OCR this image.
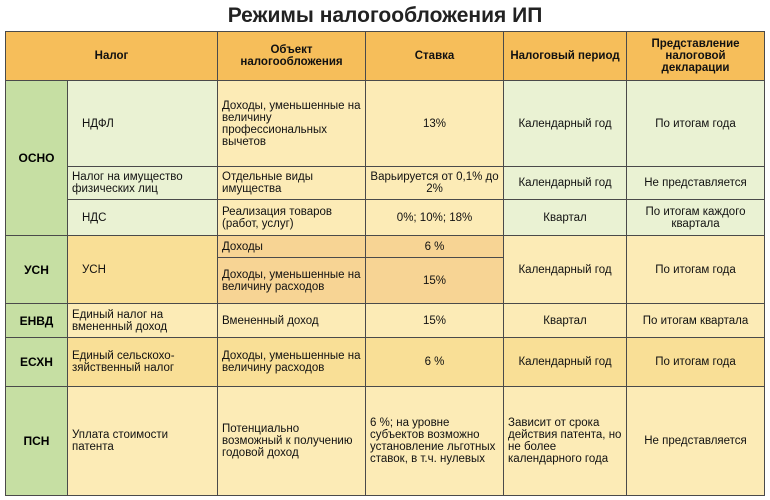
Режимы налогообложения ИП
Налог		Объект налогообложения	Ставка	Налоговый период	Представление налоговой декларации
ОСНО	НДФЛ	Доходы, уменьшенные на величину профессиональных вычетов	13%	Календарный год	По итогам года
	Налог на имущество физических лиц	Отдельные виды имущества	Варьируется от 0,1% до 2%	Календарный год	Не представляется
	НДС	Реализация товаров (работ, услуг)	0%; 10%; 18%	Квартал	По итогам каждого квартала
УСН	УСН	Доходы	6 %	Календарный год	По итогам года
		Доходы, уменьшенные на величину расходов	15%		
ЕНВД	Единый налог на вмененный доход	Вмененный доход	15%	Квартал	По итогам квартала
ЕСХН	Единый сельскохо-зяйственный налог	Доходы, уменьшенные на величину расходов	6 %	Календарный год	По итогам года
ПСН	Уплата стоимости патента	Потенциально возможный к получению годовой доход	6 %; на уровне субъектов возможно установление льготных ставок, в т.ч. нулевых	Зависит от срока действия патента, но не более календарного года	Не представляется
